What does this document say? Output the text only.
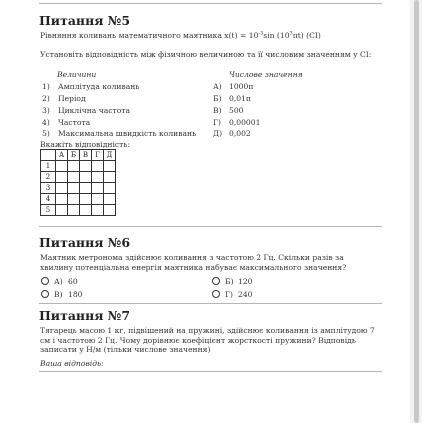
Питання №5
Рівняння коливань математичного маятника $x(t) = 10^{-3}\sin$ $(10^3\pi t)$ (СІ)
Установіть відповідність між фізичною величиною та її числовим значенням у СІ:
Величини	Числове значення
1) Амплітуда коливань	А) 1000π
2) Період	Б) 0,01π
3) Циклічна частота	В) 500
4) Частота	Г) 0,00001
5) Максимальна швидкість коливань Д) 0,002
Вкажіть відповідність:
	А	Б	В	Г	Д
1					
2					
3					
4					
5					
Питання №6
Маятник метронома здійснює коливання з частотою 2 Гц. Скільки разів за хвилину потенціальна енергія маятника набуває максимального значення?
А) 60	Б) 120
В) 180	Г) 240
Питання №7
Тягарець масою 1 кг, підвішений на пружині, здійснює коливання із амплітудою 7 см і частотою 2 Гц. Чому дорівнює коефіцієнт жорсткості пружини? Відповідь записати у Н/м (тільки числове значення)
Ваша відповідь:
